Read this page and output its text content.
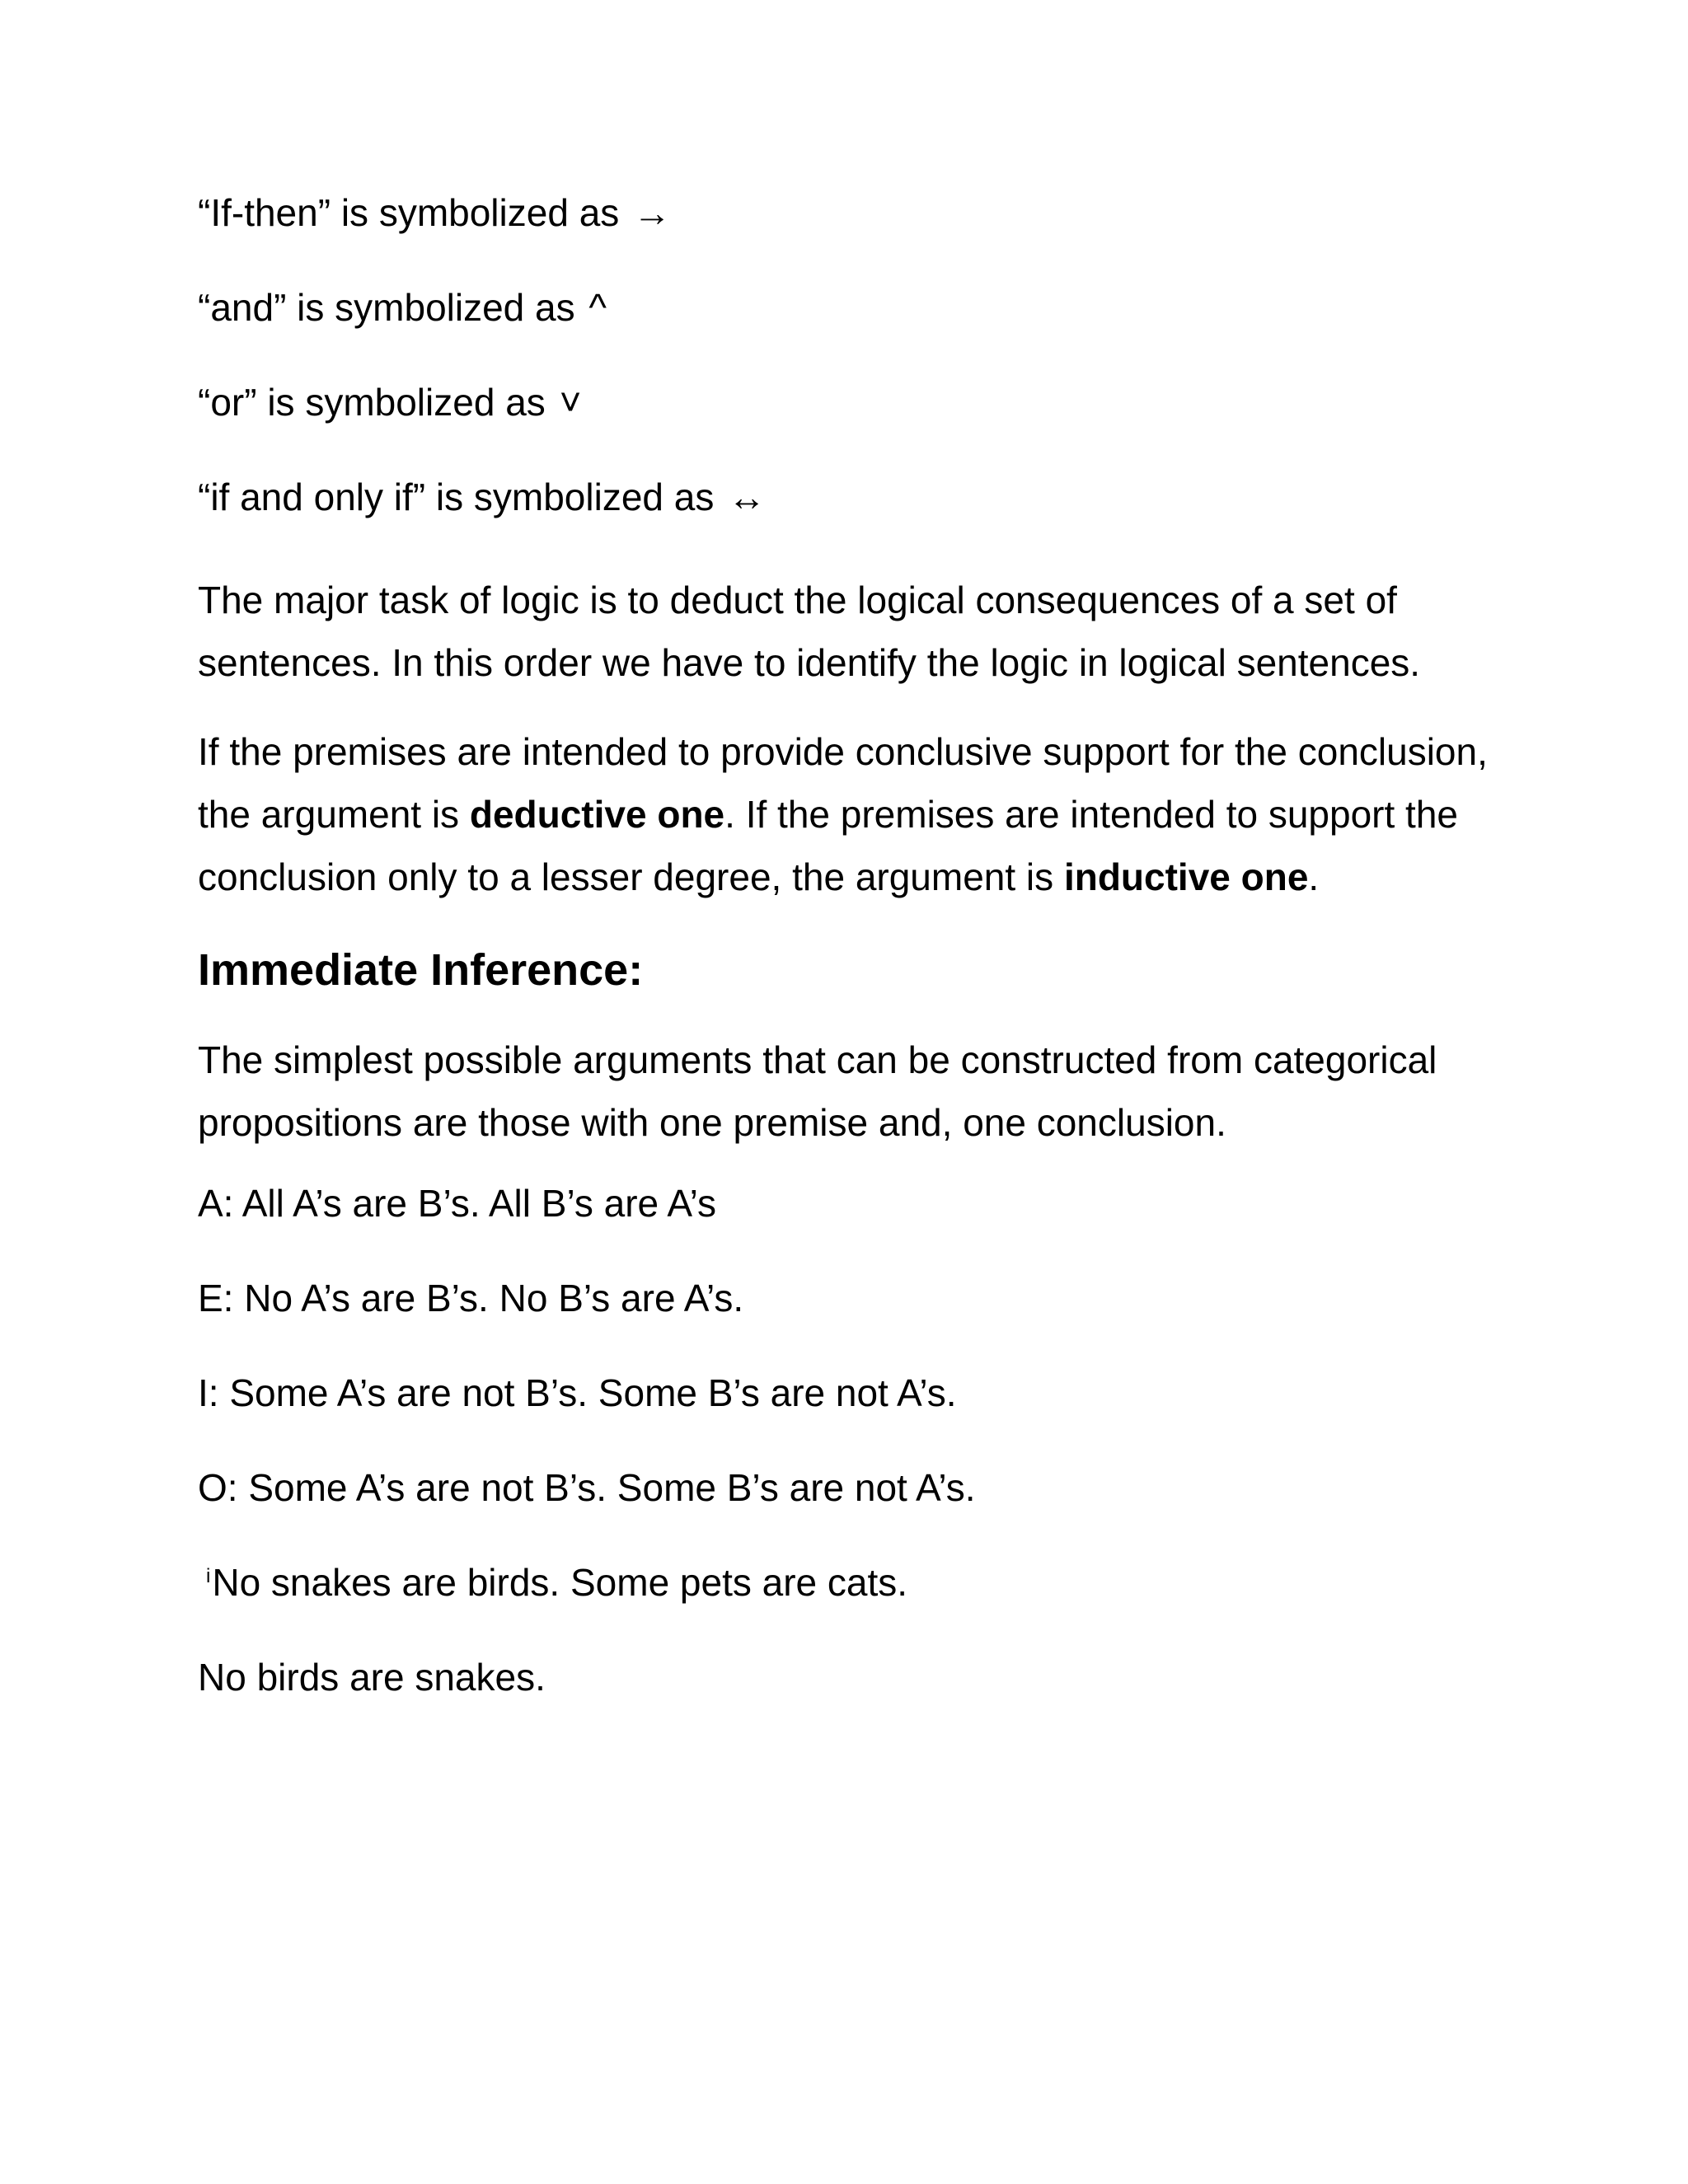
“If-then” is symbolized as →

“and” is symbolized as ^

“or” is symbolized as ˅

“if and only if” is symbolized as ↔

The major task of logic is to deduct the logical consequences of a set of sentences. In this order we have to identify the logic in logical sentences.

If the premises are intended to provide conclusive support for the conclusion, the argument is deductive one. If the premises are intended to support the conclusion only to a lesser degree, the argument is inductive one.

Immediate Inference:

The simplest possible arguments that can be constructed from categorical propositions are those with one premise and, one conclusion.

A: All A’s are B’s. All B’s are A’s

E: No A’s are B’s. No B’s are A’s.

I: Some A’s are not B’s. Some B’s are not A’s.

O: Some A’s are not B’s. Some B’s are not A’s.

$^i$No snakes are birds. Some pets are cats.

No birds are snakes.
